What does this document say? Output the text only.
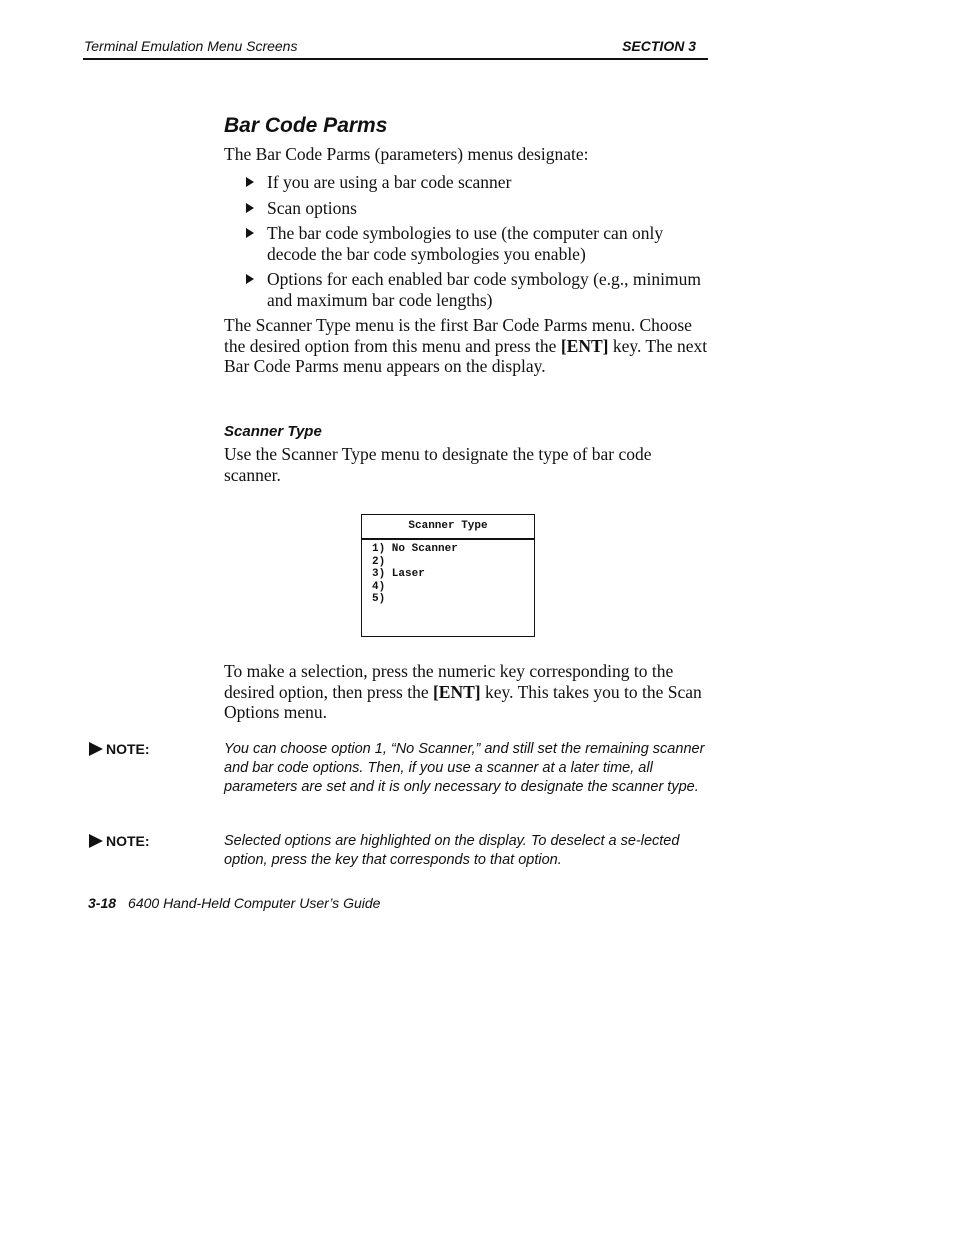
Terminal Emulation Menu Screens	SECTION 3
Bar Code Parms

The Bar Code Parms (parameters) menus designate:

If you are using a bar code scanner
Scan options
The bar code symbologies to use (the computer can only decode the bar code symbologies you enable)
Options for each enabled bar code symbology (e.g., minimum and maximum bar code lengths)

The Scanner Type menu is the first Bar Code Parms menu. Choose the desired option from this menu and press the [ENT] key. The next Bar Code Parms menu appears on the display.

Scanner Type

Use the Scanner Type menu to designate the type of bar code scanner.

Scanner Type
1) No Scanner
2)
3) Laser
4)
5)

To make a selection, press the numeric key corresponding to the desired option, then press the [ENT] key. This takes you to the Scan Options menu.

NOTE:	You can choose option 1, “No Scanner,” and still set the remaining scanner and bar code options. Then, if you use a scanner at a later time, all parameters are set and it is only necessary to designate the scanner type.
NOTE:	Selected options are highlighted on the display. To deselect a se-lected option, press the key that corresponds to that option.
3-18 6400 Hand-Held Computer User’s Guide
